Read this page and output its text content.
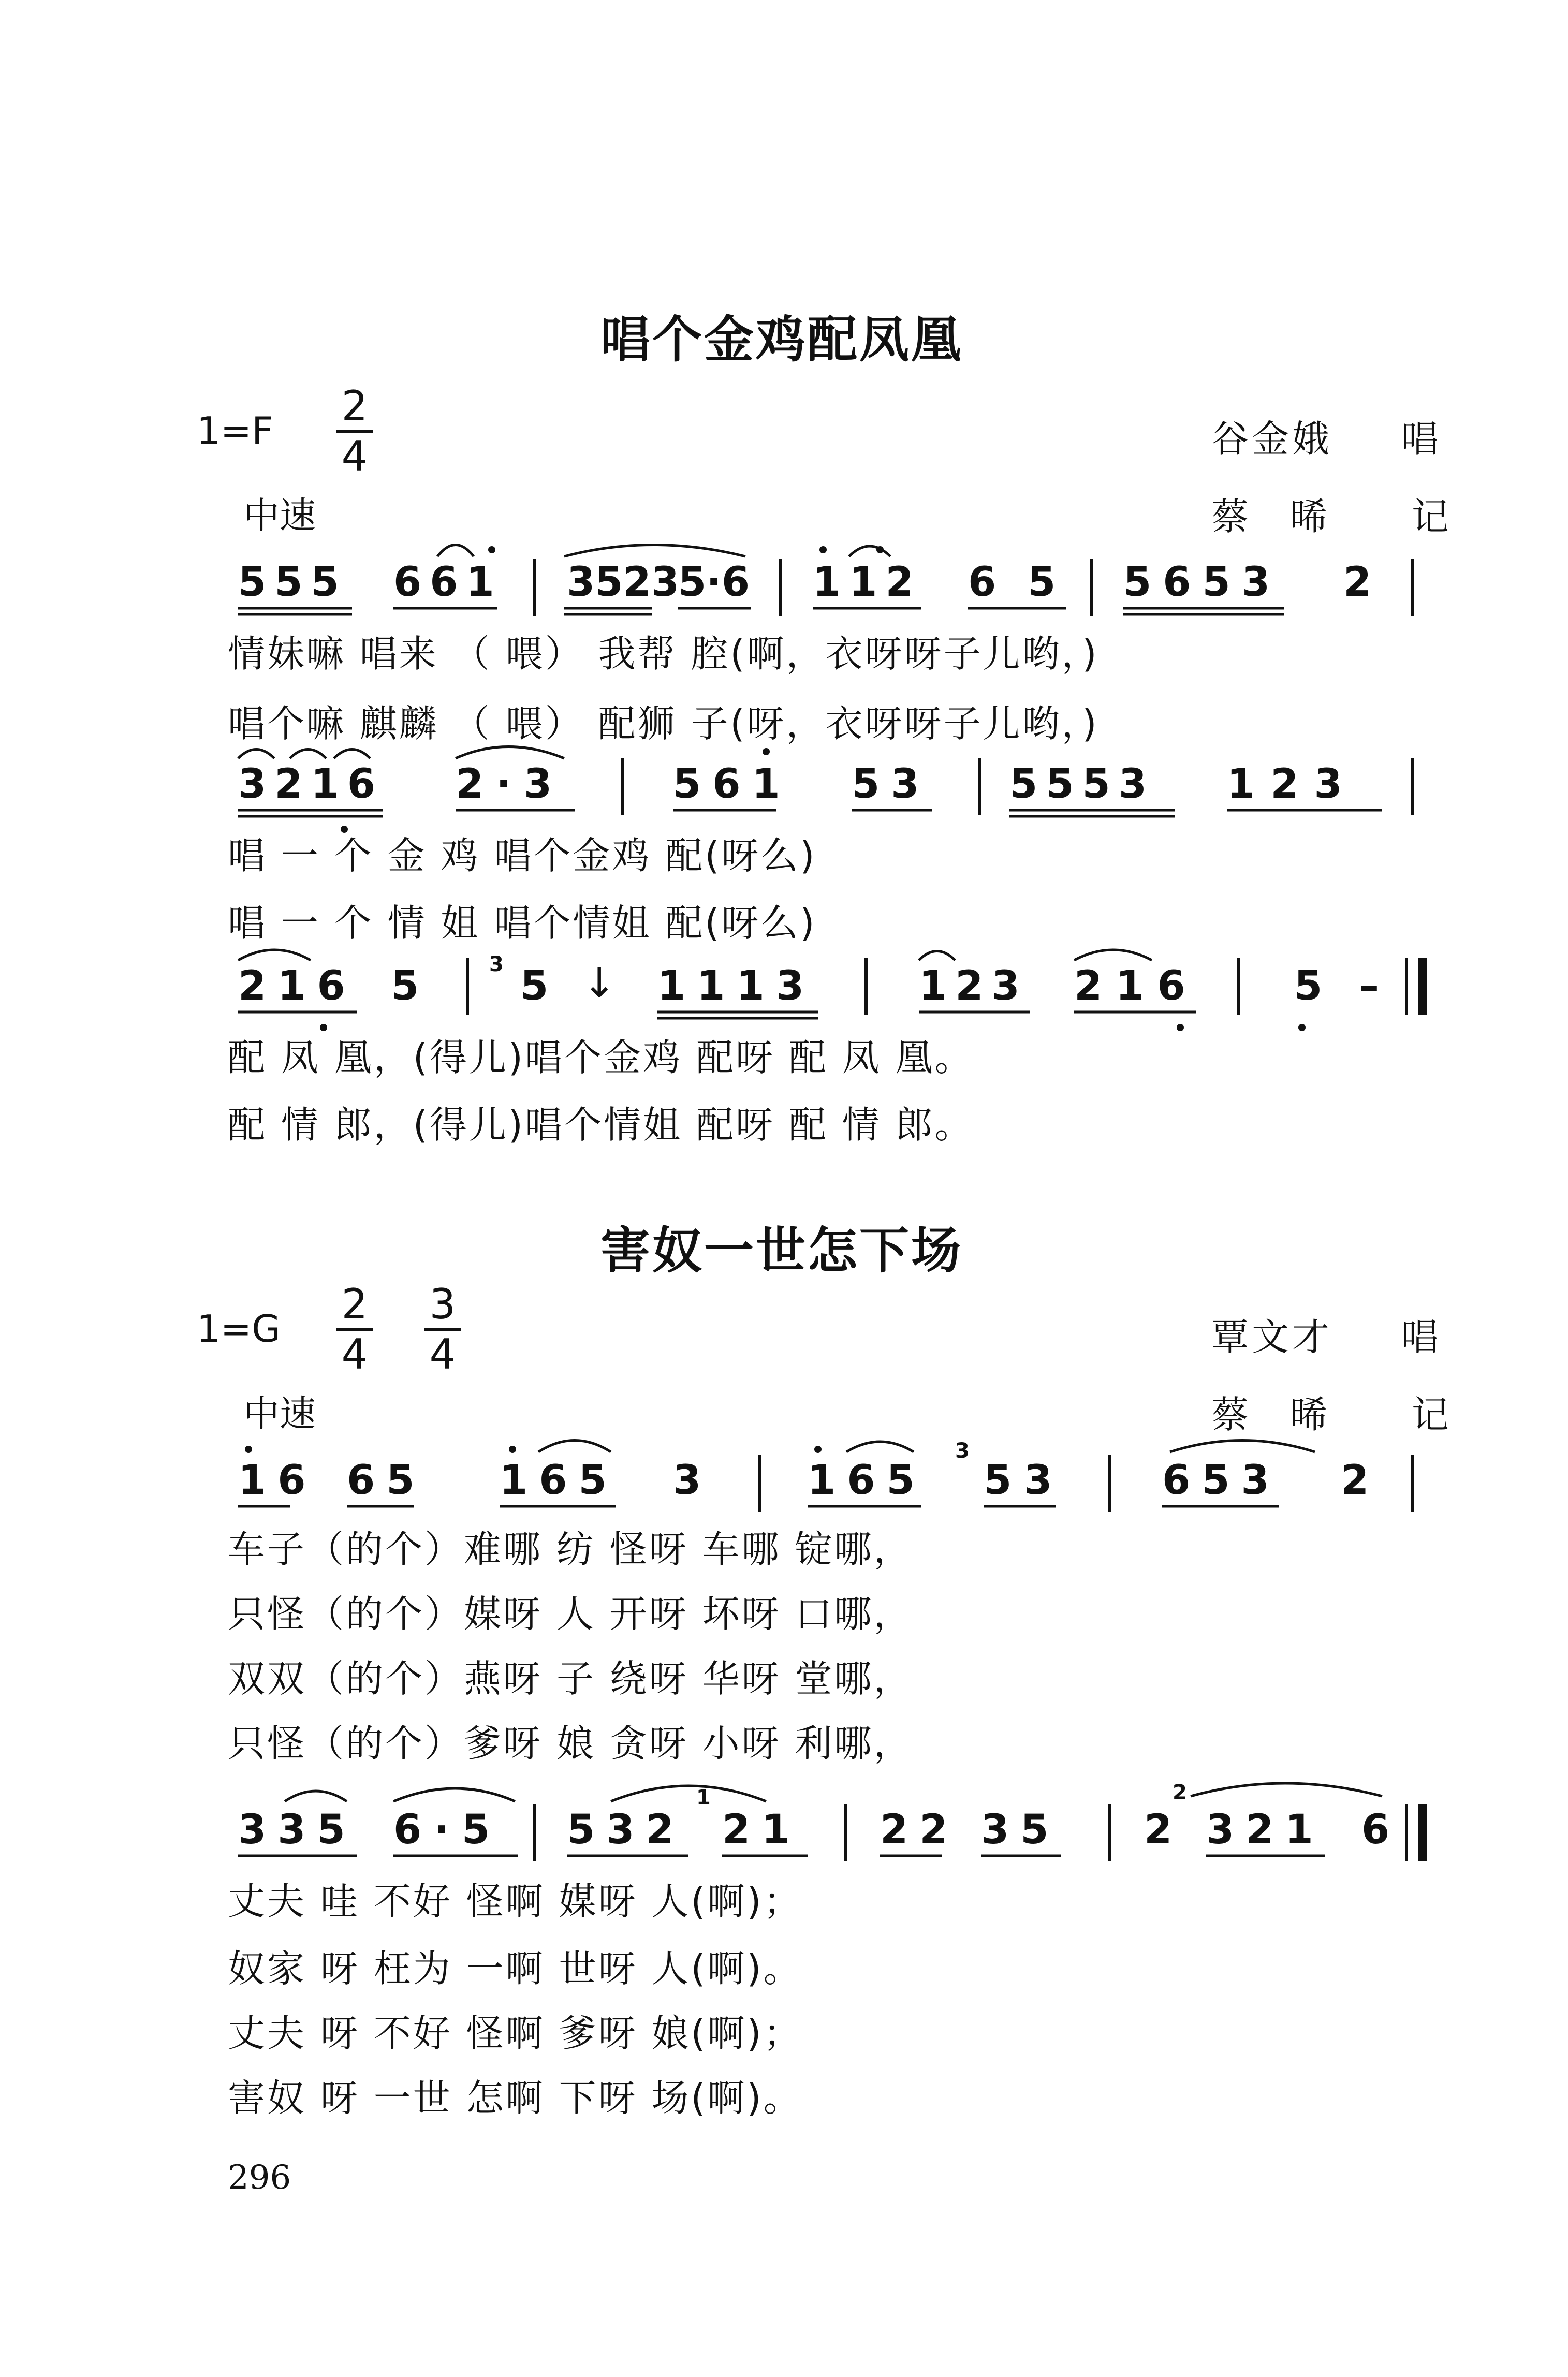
唱个金鸡配凤凰
1=F
2
4	谷金娥 唱
中速	蔡晞 记
555 661 3523
5·6 112 6 5 5653 2
情妹嘛 唱来 （ 喂） 我帮 腔(啊，衣呀呀子儿哟，)
唱个嘛 麒麟 （ 喂） 配狮 子(呀，衣呀呀子儿哟，)
3216 2·3	561 53 5553 123
唱 一 个 金 鸡 唱个金鸡 配(呀么)
唱 一 个 情 姐 唱个情姐 配(呀么)
216 5	3 5 ↓ 1113	123 216 5 –
配 凤 凰，(得儿)唱个金鸡 配呀 配 凤 凰。
配 情 郎，(得儿)唱个情姐 配呀 配 情 郎。
害奴一世怎下场
1=G
2
4
3
4	覃文才 唱
中速	蔡晞 记
16 65 165 3 165
3
53 653 2
车子（的个）难哪 纺 怪呀 车哪 锭哪，
只怪（的个）媒呀 人 开呀 坏呀 口哪，
双双（的个）燕呀 子 绕呀 华呀 堂哪，
只怪（的个）爹呀 娘 贪呀 小呀 利哪，
335 6·5 532
1
21 22 35 2
2
321 6
丈夫 哇 不好 怪啊 媒呀 人(啊)；
奴家 呀 枉为 一啊 世呀 人(啊)。
丈夫 呀 不好 怪啊 爹呀 娘(啊)；
害奴 呀 一世 怎啊 下呀 场(啊)。
296
